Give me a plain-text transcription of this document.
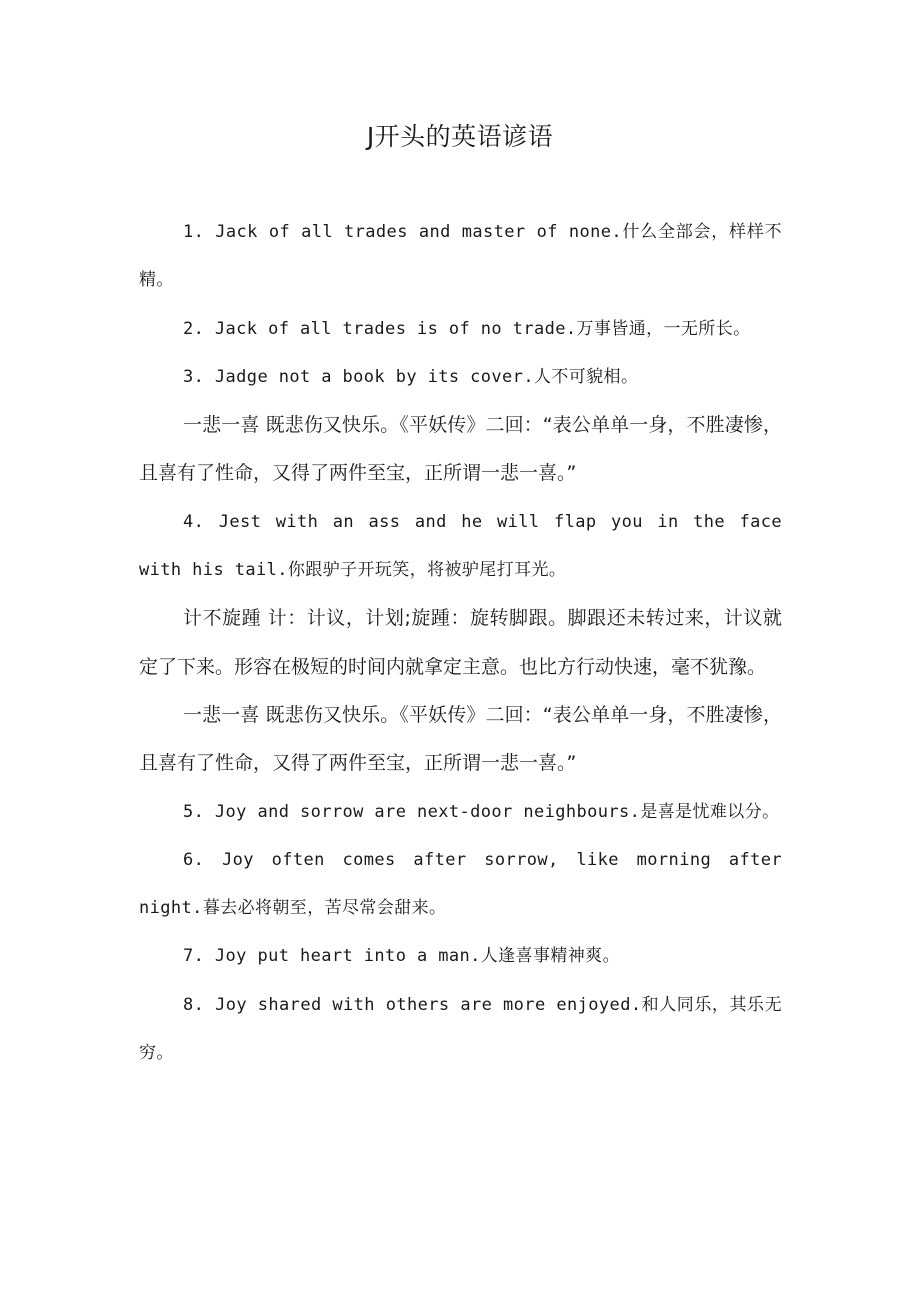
J开头的英语谚语

1. Jack of all trades and master of none.什么全部会，样样不精。

2. Jack of all trades is of no trade.万事皆通，一无所长。

3. Jadge not a book by its cover.人不可貌相。

一悲一喜 既悲伤又快乐。《平妖传》二回：“表公单单一身，不胜凄惨，且喜有了性命，又得了两件至宝，正所谓一悲一喜。”

4. Jest with an ass and he will flap you in the face with his tail.你跟驴子开玩笑，将被驴尾打耳光。

计不旋踵 计：计议，计划;旋踵：旋转脚跟。脚跟还未转过来，计议就定了下来。形容在极短的时间内就拿定主意。也比方行动快速，毫不犹豫。

一悲一喜 既悲伤又快乐。《平妖传》二回：“表公单单一身，不胜凄惨，且喜有了性命，又得了两件至宝，正所谓一悲一喜。”

5. Joy and sorrow are next-door neighbours.是喜是忧难以分。

6. Joy often comes after sorrow, like morning after night.暮去必将朝至，苦尽常会甜来。

7. Joy put heart into a man.人逢喜事精神爽。

8. Joy shared with others are more enjoyed.和人同乐，其乐无穷。
